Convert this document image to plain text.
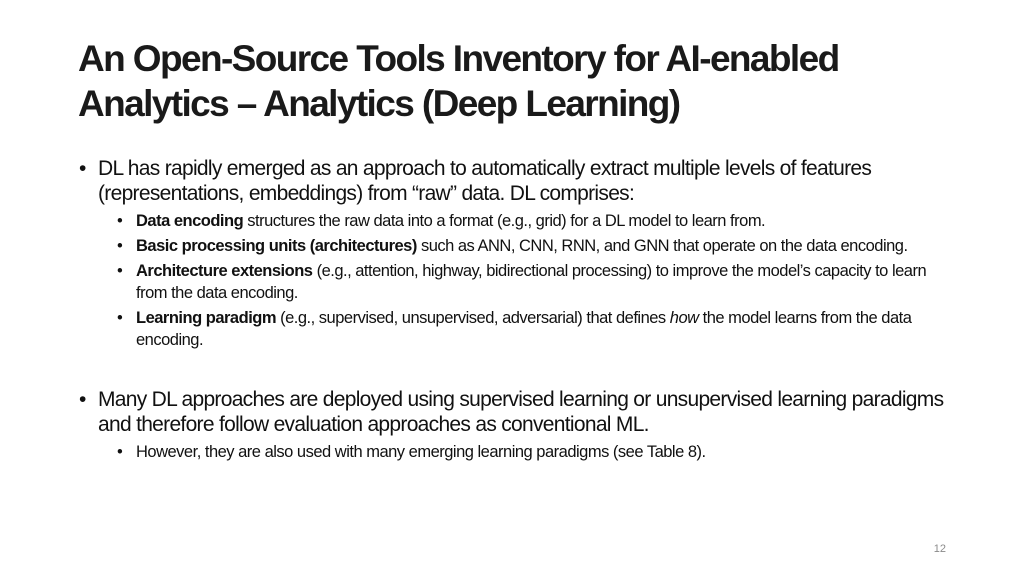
An Open-Source Tools Inventory for AI-enabled
Analytics – Analytics (Deep Learning)
• DL has rapidly emerged as an approach to automatically extract multiple levels of features (representations, embeddings) from “raw” data. DL comprises:
• Data encoding structures the raw data into a format (e.g., grid) for a DL model to learn from.
• Basic processing units (architectures) such as ANN, CNN, RNN, and GNN that operate on the data encoding.
• Architecture extensions (e.g., attention, highway, bidirectional processing) to improve the model’s capacity to learn from the data encoding.
• Learning paradigm (e.g., supervised, unsupervised, adversarial) that defines how the model learns from the data encoding.
• Many DL approaches are deployed using supervised learning or unsupervised learning paradigms and therefore follow evaluation approaches as conventional ML.
• However, they are also used with many emerging learning paradigms (see Table 8).
12
